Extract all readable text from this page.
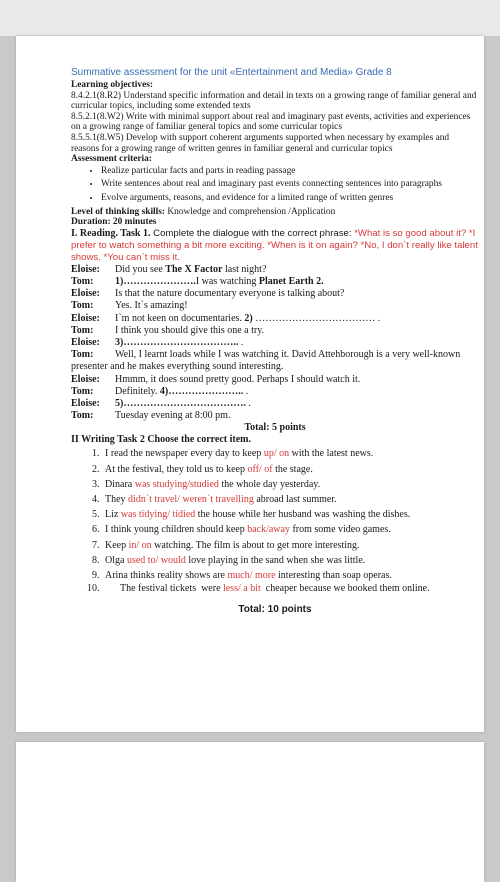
Summative assessment for the unit «Entertainment and Media» Grade 8
Learning objectives:

8.4.2.1(8.R2) Understand specific information and detail in texts on a growing range of familiar general and curricular topics, including some extended texts

8.5.2.1(8.W2) Write with minimal support about real and imaginary past events, activities and experiences on a growing range of familiar general topics and some curricular topics

8.5.5.1(8.W5) Develop with support coherent arguments supported when necessary by examples and reasons for a growing range of written genres in familiar general and curricular topics

Assessment criteria:
• Realize particular facts and parts in reading passage
• Write sentences about real and imaginary past events connecting sentences into paragraphs
• Evolve arguments, reasons, and evidence for a limited range of written genres
Level of thinking skills: Knowledge and comprehension /Application
Duration: 20 minutes
I. Reading. Task 1. Complete the dialogue with the correct phrase: *What is so good about it? *I prefer to watch something a bit more exciting. *When is it on again? *No, I don`t really like talent shows. *You can`t miss it.
Eloise:	Did you see The X Factor last night?
Tom:	1)………………….I was watching Planet Earth 2.
Eloise:	Is that the nature documentary everyone is talking about?
Tom:	Yes. It`s amazing!
Eloise:	I`m not keen on documentaries. 2) ……………………………… .
Tom:	I think you should give this one a try.
Eloise:	3)…………………………….. .
Tom: Well, I learnt loads while I was watching it. David Attehborough is a very well-known presenter and he makes everything sound interesting.
Eloise:	Hmmm, it does sound pretty good. Perhaps I should watch it.
Tom:	Definitely. 4)………………….. .
Eloise:	5)………………………………. .
Tom:	Tuesday evening at 8:00 pm.
Total: 5 points
II Writing Task 2 Choose the correct item.
1. I read the newspaper every day to keep up/ on with the latest news.
2. At the festival, they told us to keep off/ of the stage.
3. Dinara was studying/studied the whole day yesterday.
4. They didn`t travel/ weren`t travelling abroad last summer.
5. Liz was tidying/ tidied the house while her husband was washing the dishes.
6. I think young children should keep back/away from some video games.
7. Keep in/ on watching. The film is about to get more interesting.
8. Olga used to/ would love playing in the sand when she was little.
9. Arina thinks reality shows are much/ more interesting than soap operas.
10.       The festival tickets  were less/ a bit  cheaper because we booked them online.
Total: 10 points
